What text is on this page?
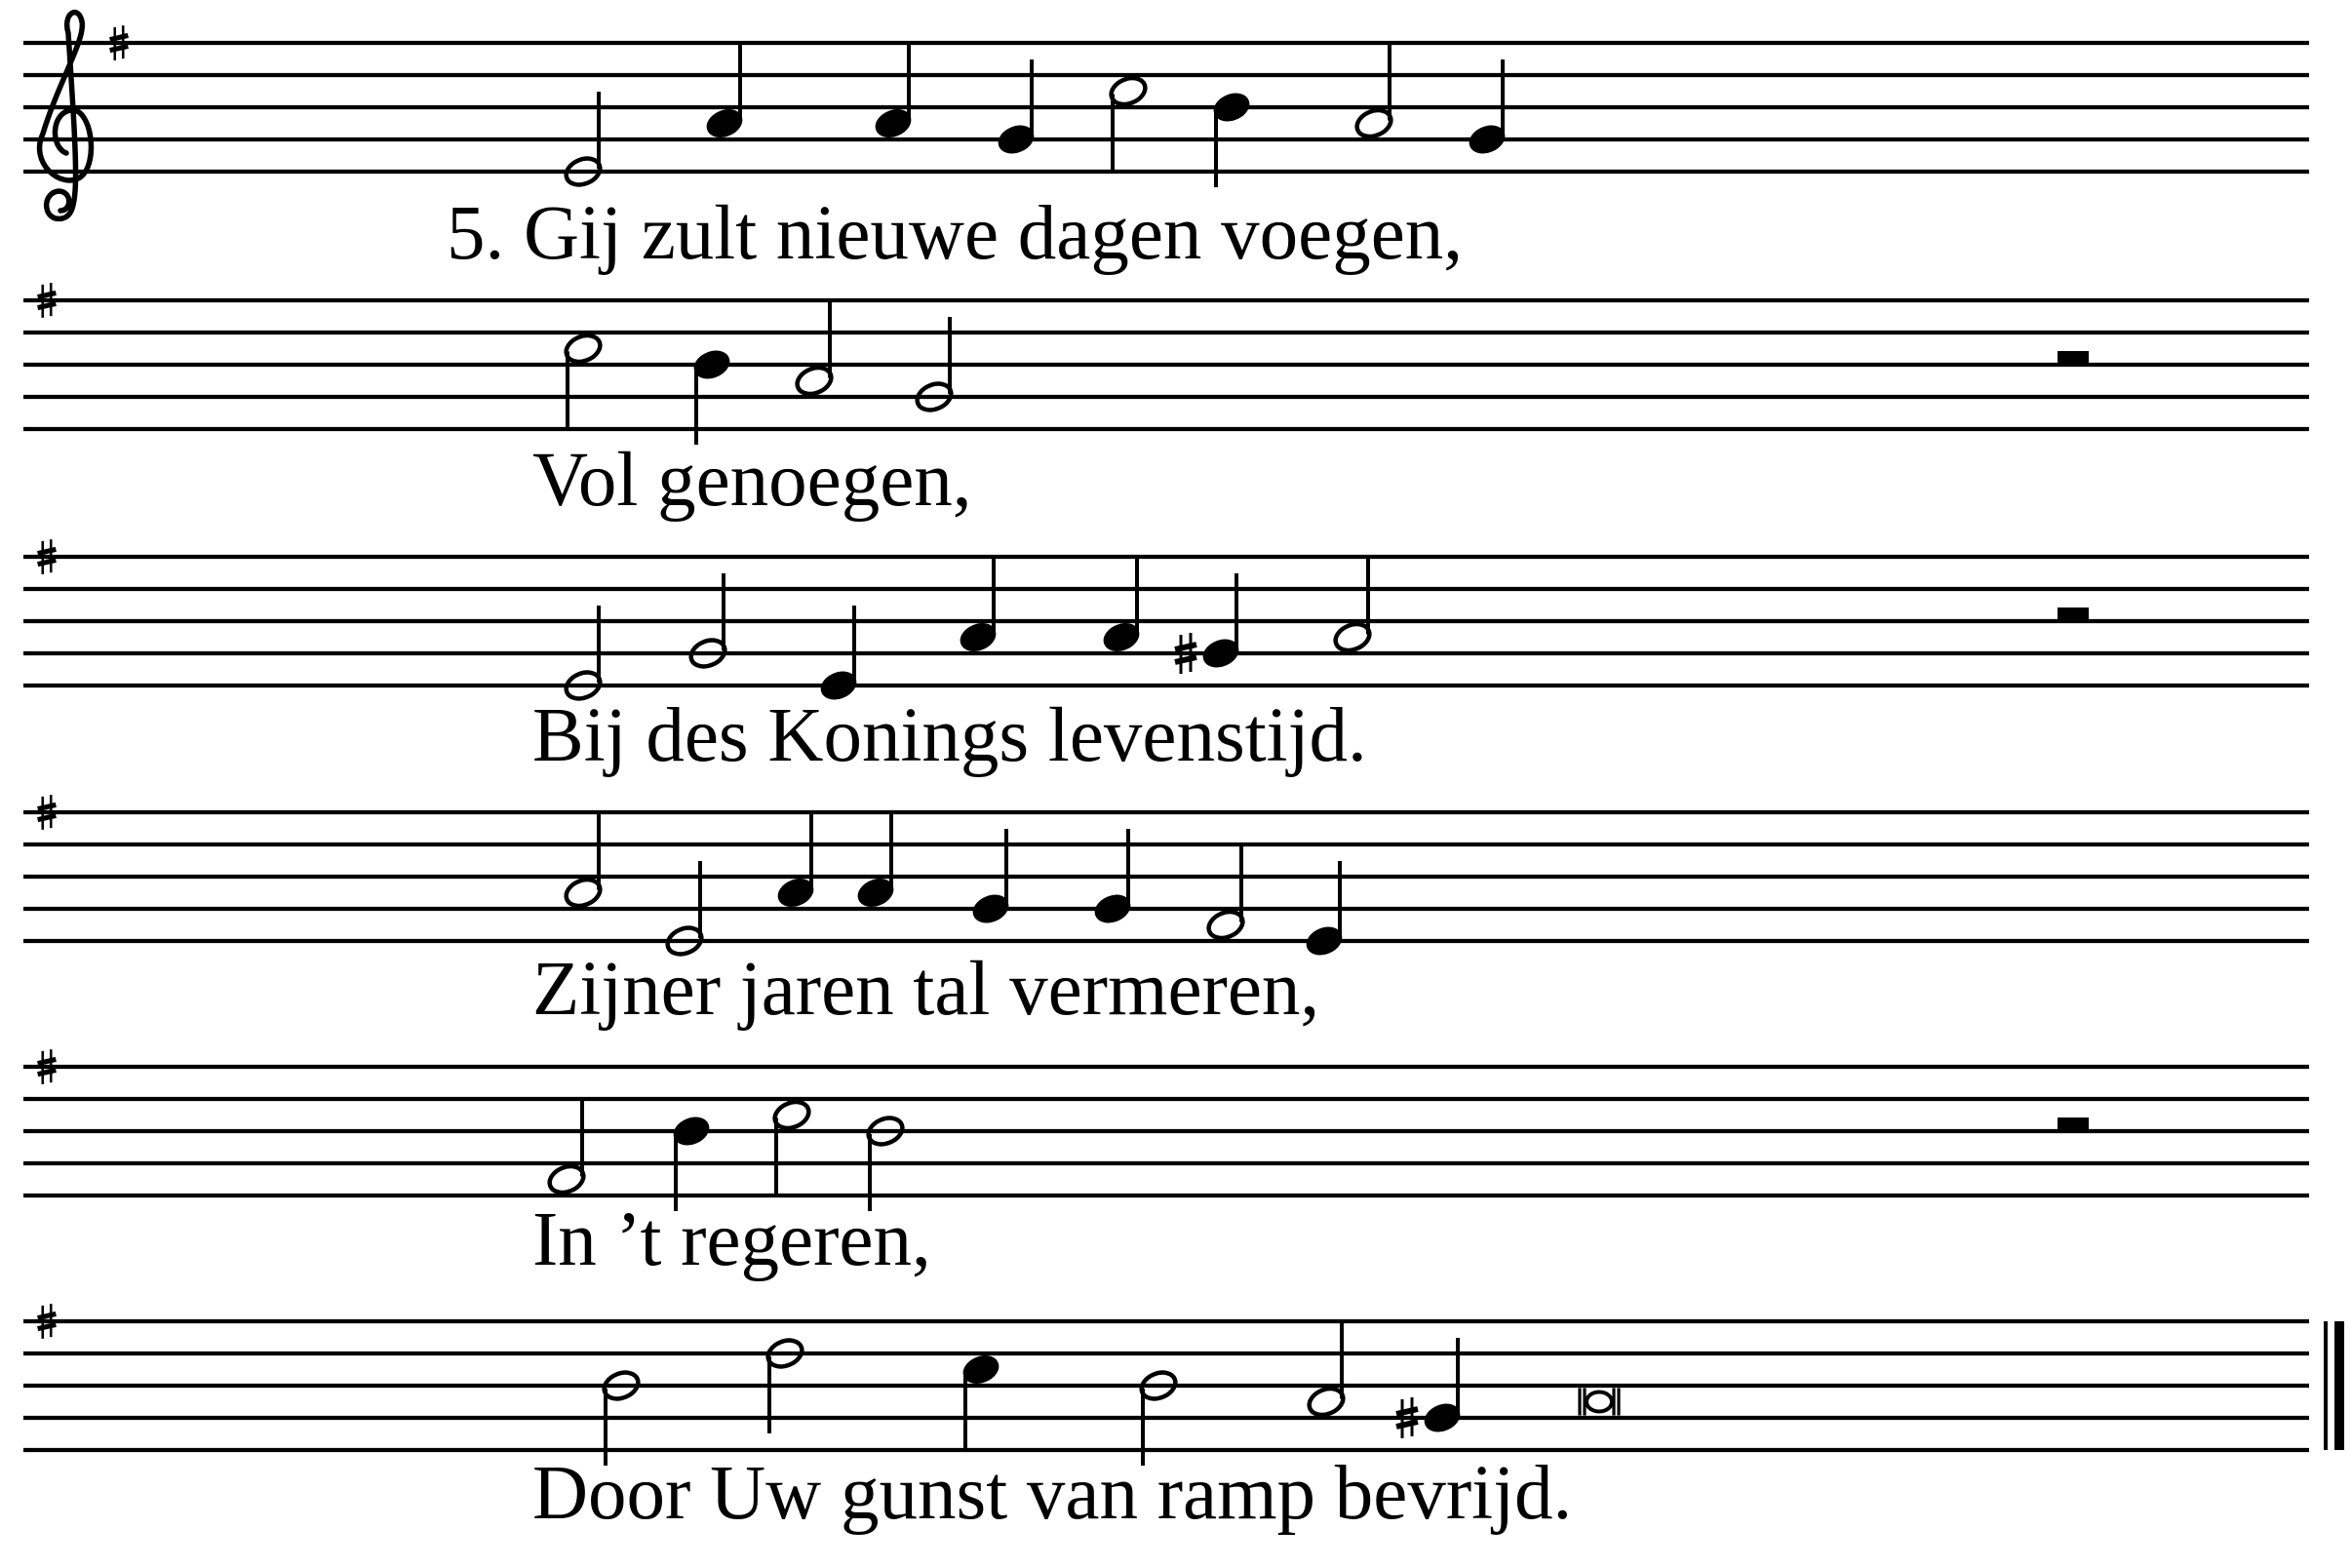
5. Gij zult nieuwe dagen voegen,
Vol genoegen,
Bij des Konings levenstijd.
Zijner jaren tal vermeren,
In ’t regeren,
Door Uw gunst van ramp bevrijd.
